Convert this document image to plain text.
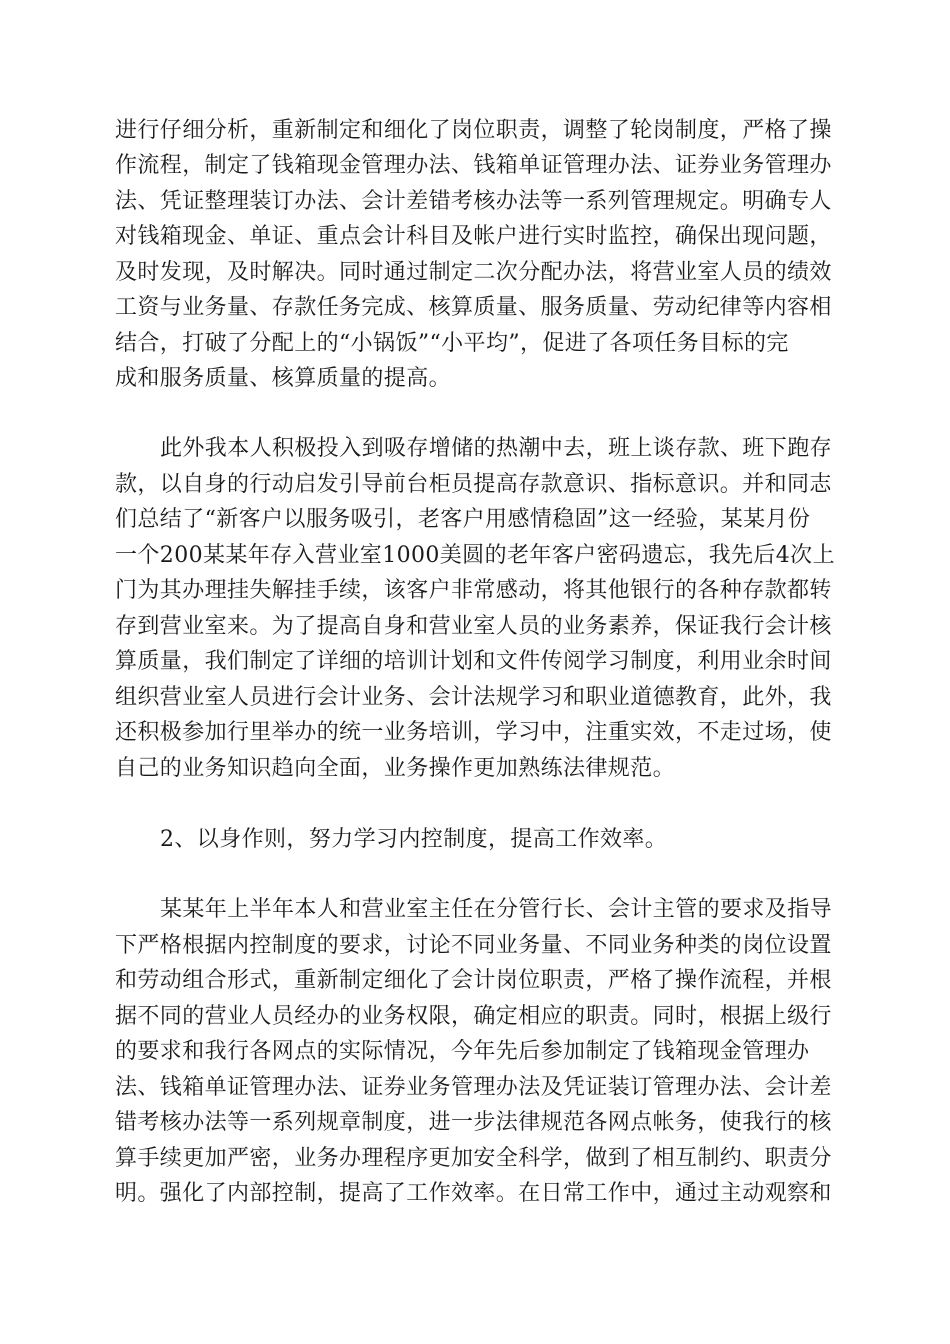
进行仔细分析，重新制定和细化了岗位职责，调整了轮岗制度，严格了操
作流程，制定了钱箱现金管理办法、钱箱单证管理办法、证券业务管理办
法、凭证整理装订办法、会计差错考核办法等一系列管理规定。明确专人
对钱箱现金、单证、重点会计科目及帐户进行实时监控，确保出现问题，
及时发现，及时解决。同时通过制定二次分配办法，将营业室人员的绩效
工资与业务量、存款任务完成、核算质量、服务质量、劳动纪律等内容相
结合，打破了分配上的“小锅饭”“小平均”，促进了各项任务目标的完
成和服务质量、核算质量的提高。
此外我本人积极投入到吸存增储的热潮中去，班上谈存款、班下跑存
款，以自身的行动启发引导前台柜员提高存款意识、指标意识。并和同志
们总结了“新客户以服务吸引，老客户用感情稳固”这一经验，某某月份
一个200某某年存入营业室1000美圆的老年客户密码遗忘，我先后4次上
门为其办理挂失解挂手续，该客户非常感动，将其他银行的各种存款都转
存到营业室来。为了提高自身和营业室人员的业务素养，保证我行会计核
算质量，我们制定了详细的培训计划和文件传阅学习制度，利用业余时间
组织营业室人员进行会计业务、会计法规学习和职业道德教育，此外，我
还积极参加行里举办的统一业务培训，学习中，注重实效，不走过场，使
自己的业务知识趋向全面，业务操作更加熟练法律规范。
2、以身作则，努力学习内控制度，提高工作效率。
某某年上半年本人和营业室主任在分管行长、会计主管的要求及指导
下严格根据内控制度的要求，讨论不同业务量、不同业务种类的岗位设置
和劳动组合形式，重新制定细化了会计岗位职责，严格了操作流程，并根
据不同的营业人员经办的业务权限，确定相应的职责。同时，根据上级行
的要求和我行各网点的实际情况，今年先后参加制定了钱箱现金管理办
法、钱箱单证管理办法、证券业务管理办法及凭证装订管理办法、会计差
错考核办法等一系列规章制度，进一步法律规范各网点帐务，使我行的核
算手续更加严密，业务办理程序更加安全科学，做到了相互制约、职责分
明。强化了内部控制，提高了工作效率。在日常工作中，通过主动观察和
